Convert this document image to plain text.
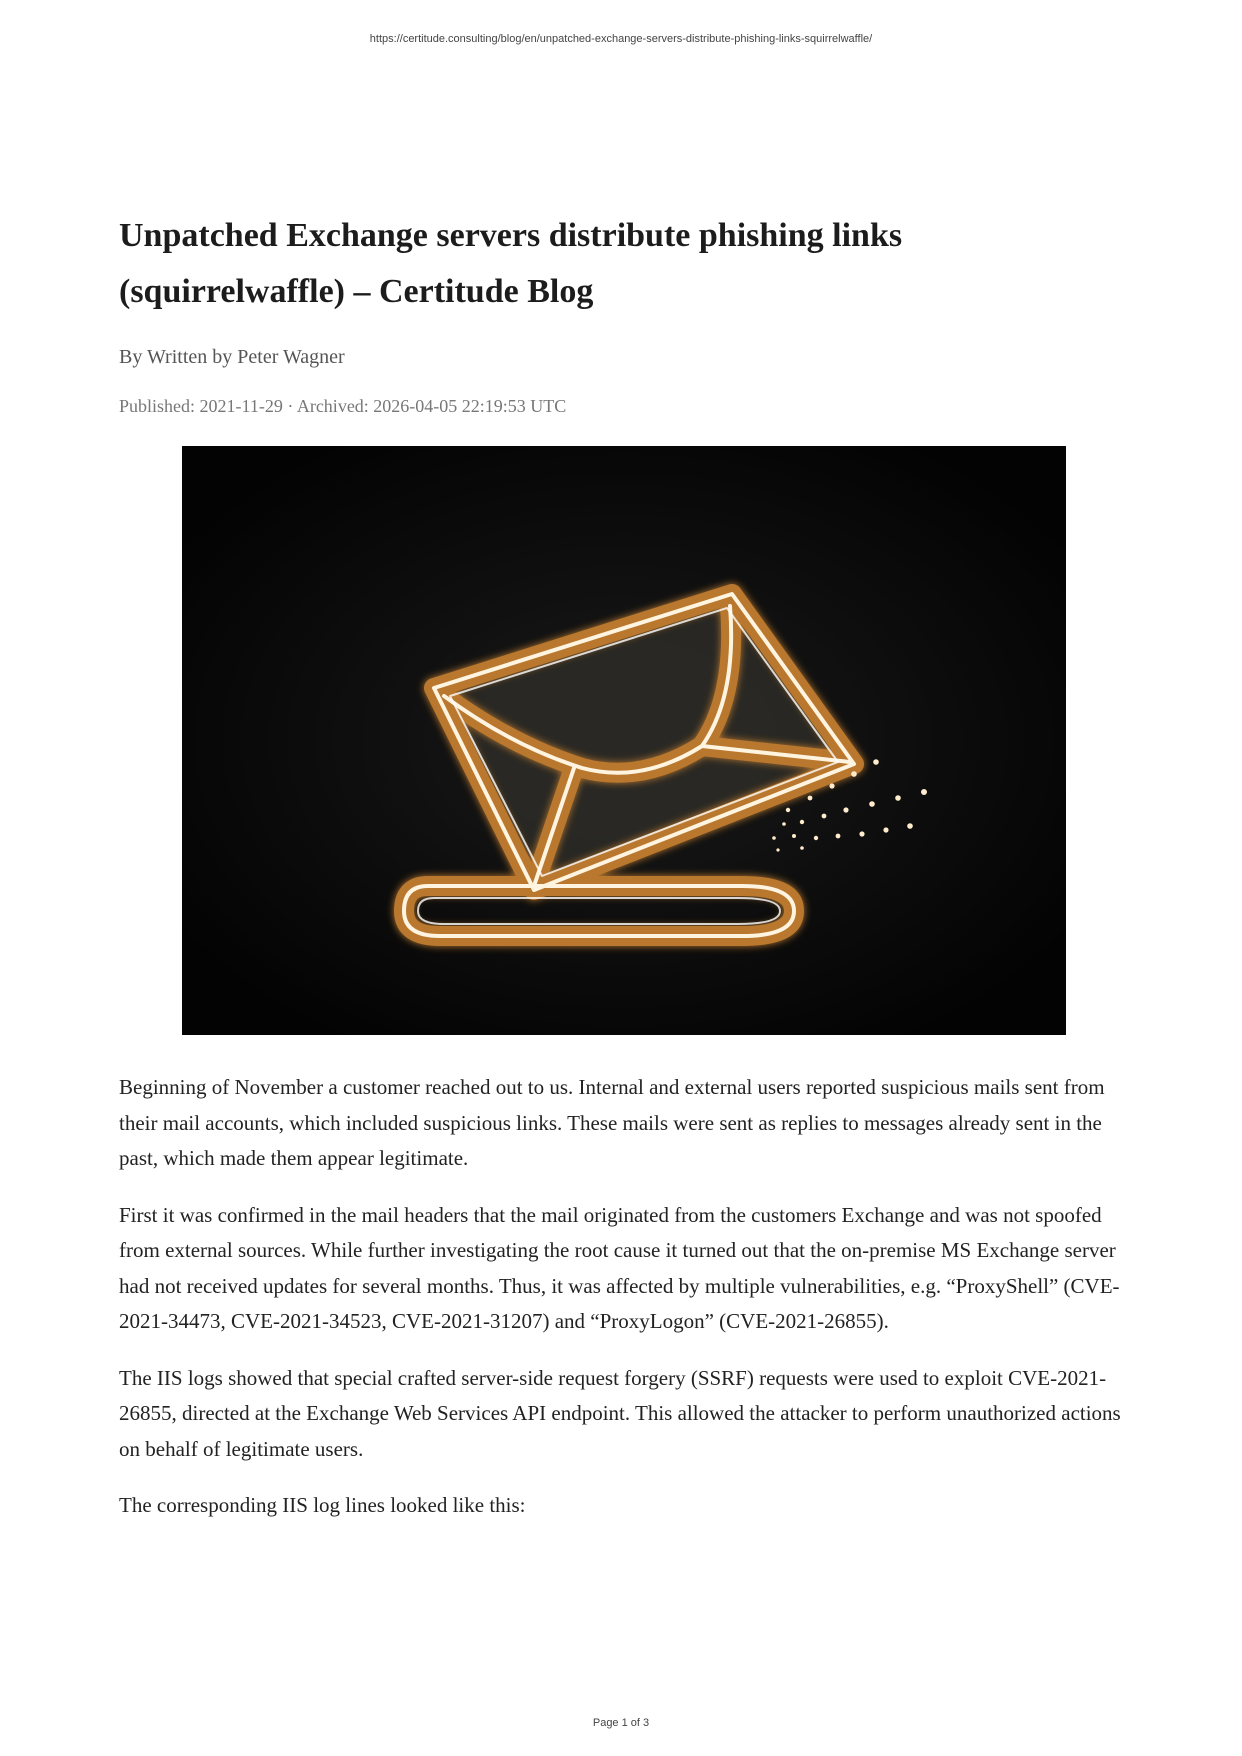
https://certitude.consulting/blog/en/unpatched-exchange-servers-distribute-phishing-links-squirrelwaffle/
Unpatched Exchange servers distribute phishing links
(squirrelwaffle) – Certitude Blog
By Written by Peter Wagner
Published: 2021-11-29 · Archived: 2026-04-05 22:19:53 UTC

Beginning of November a customer reached out to us. Internal and external users reported suspicious mails sent from their mail accounts, which included suspicious links. These mails were sent as replies to messages already sent in the past, which made them appear legitimate.

First it was confirmed in the mail headers that the mail originated from the customers Exchange and was not spoofed from external sources. While further investigating the root cause it turned out that the on-premise MS Exchange server had not received updates for several months. Thus, it was affected by multiple vulnerabilities, e.g. “ProxyShell” (CVE-2021-34473, CVE-2021-34523, CVE-2021-31207) and “ProxyLogon” (CVE-2021-26855).

The IIS logs showed that special crafted server-side request forgery (SSRF) requests were used to exploit CVE-2021-26855, directed at the Exchange Web Services API endpoint. This allowed the attacker to perform unauthorized actions on behalf of legitimate users.

The corresponding IIS log lines looked like this:

Page 1 of 3
